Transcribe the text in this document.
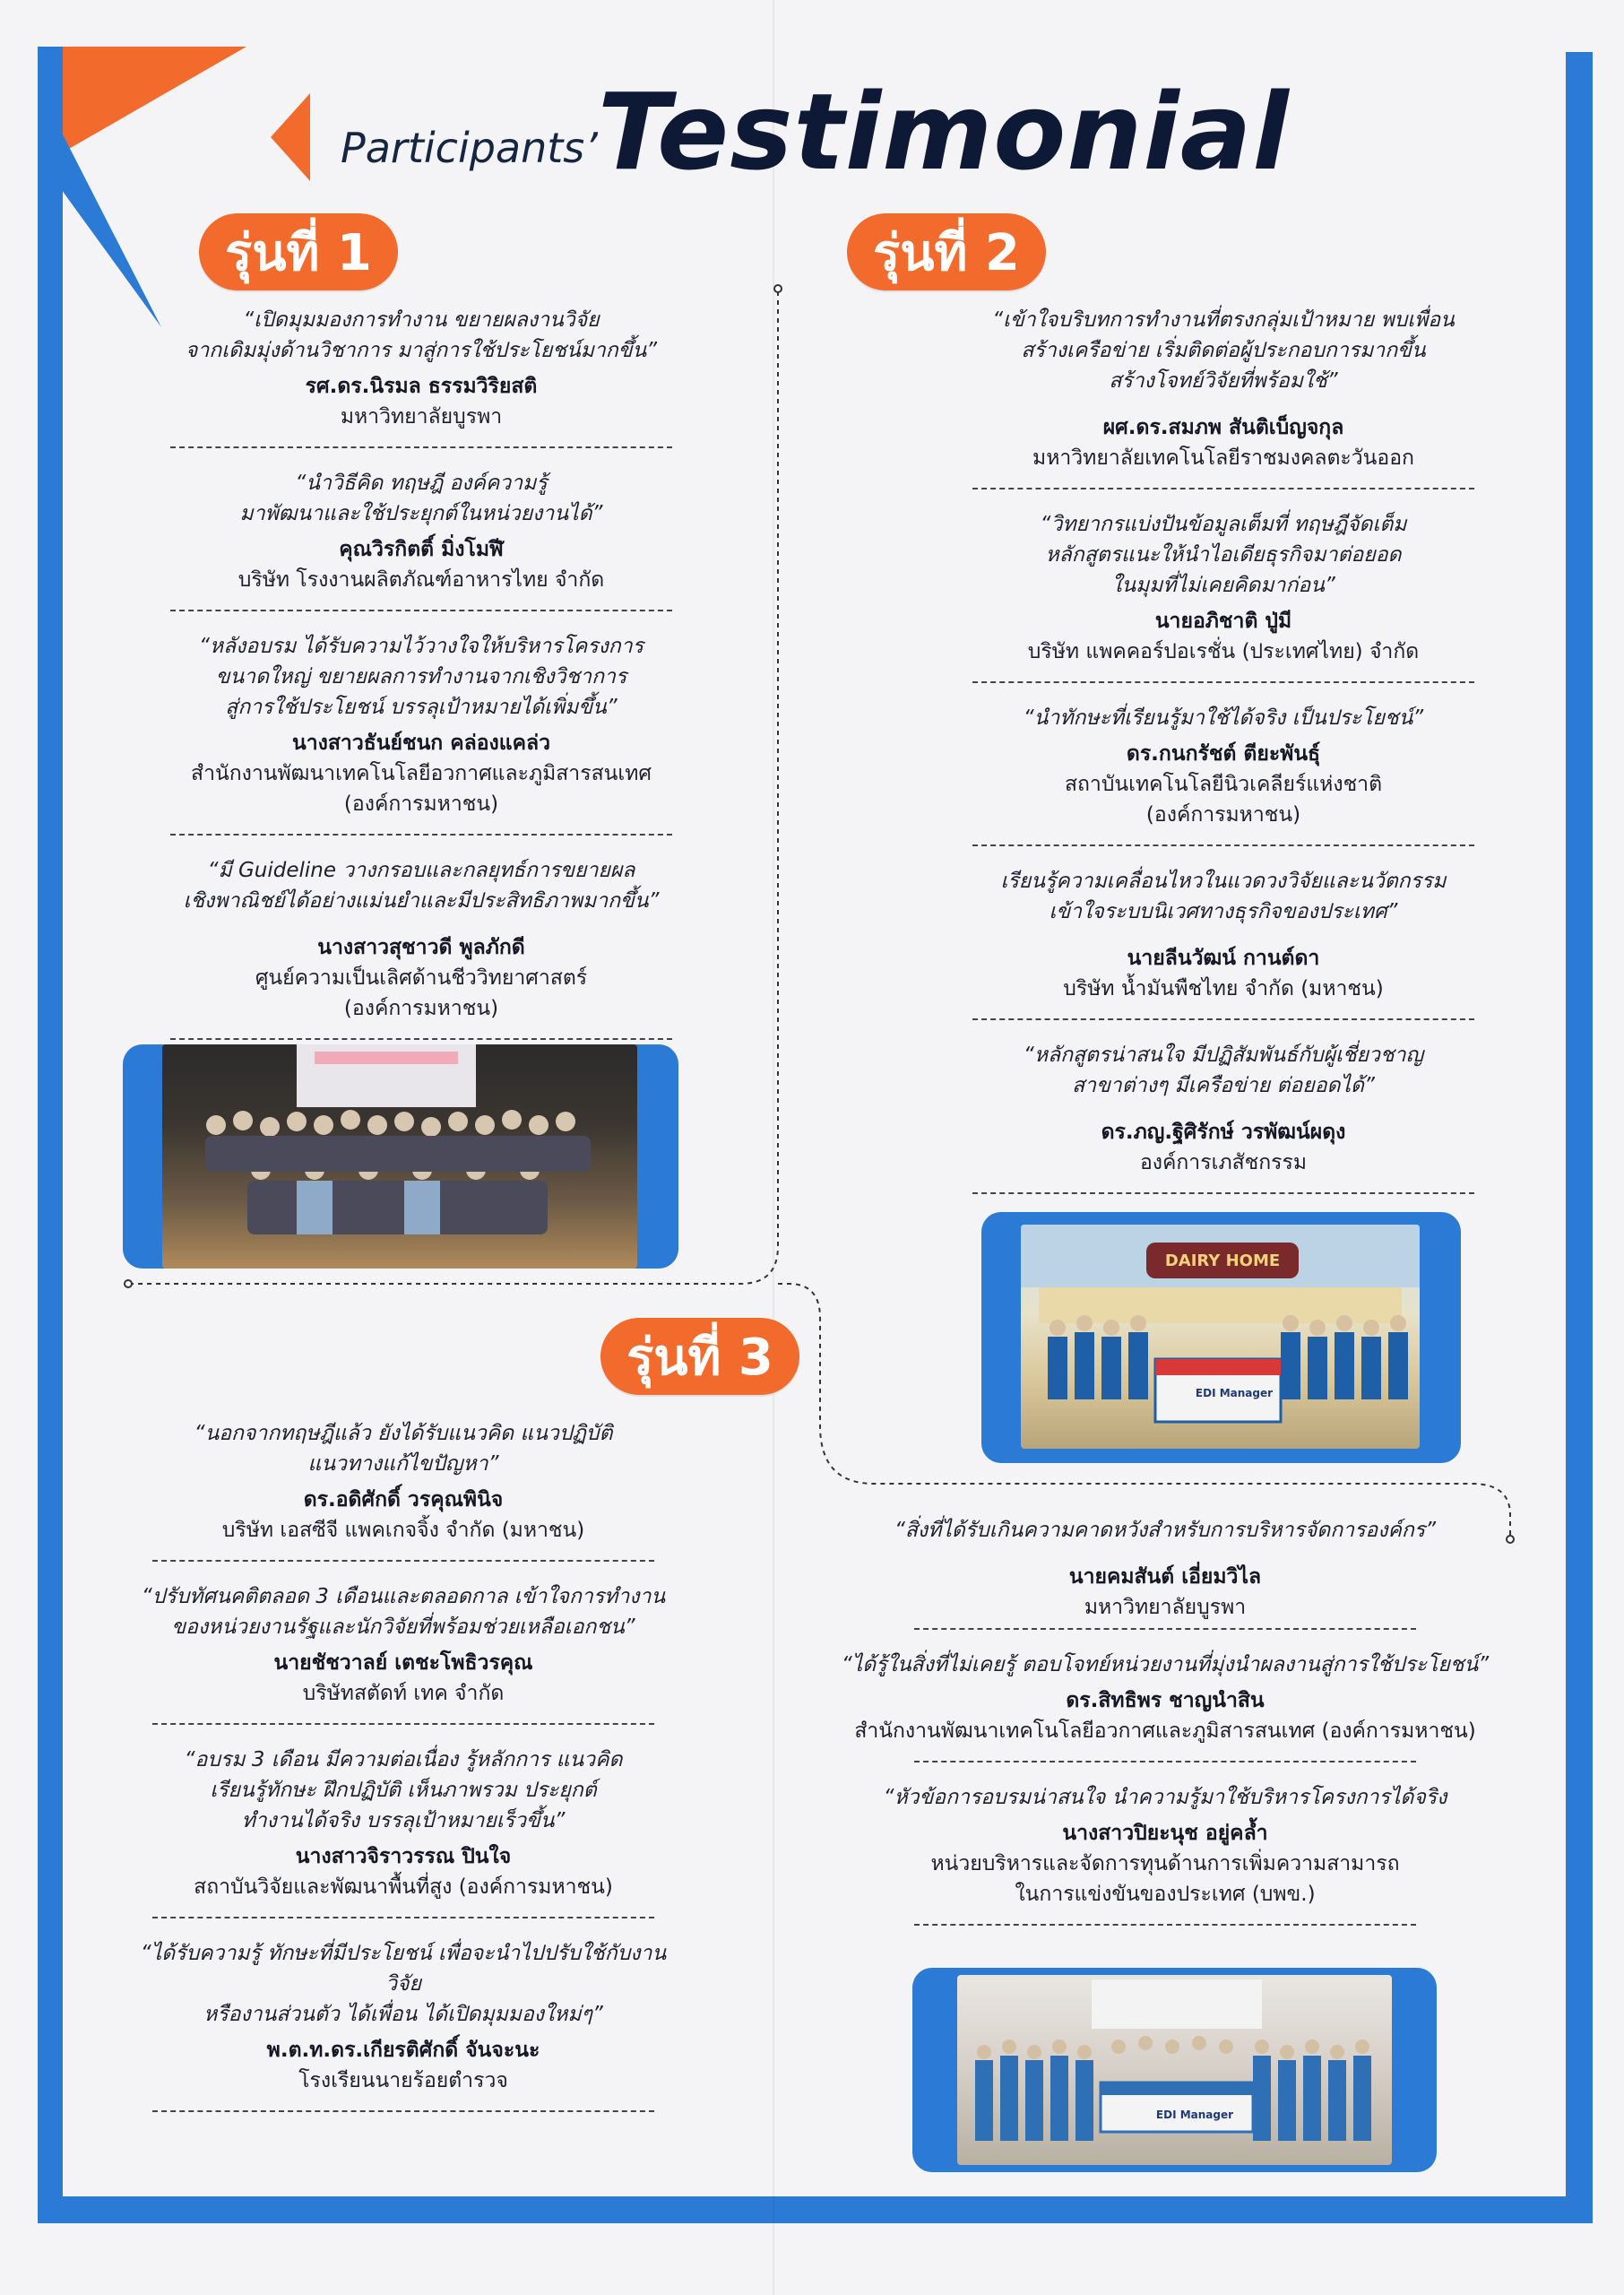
Participants’ Testimonial
รุ่นที่ 1	รุ่นที่ 2
รุ่นที่ 3
“เปิดมุมมองการทำงาน ขยายผลงานวิจัย
จากเดิมมุ่งด้านวิชาการ มาสู่การใช้ประโยชน์มากขึ้น”
รศ.ดร.นิรมล ธรรมวิริยสติ
มหาวิทยาลัยบูรพา
“นำวิธีคิด ทฤษฎี องค์ความรู้
มาพัฒนาและใช้ประยุกต์ในหน่วยงานได้”
คุณวิรกิตติ์ มิ่งโมฬี
บริษัท โรงงานผลิตภัณฑ์อาหารไทย จำกัด
“หลังอบรม ได้รับความไว้วางใจให้บริหารโครงการ
ขนาดใหญ่ ขยายผลการทำงานจากเชิงวิชาการ
สู่การใช้ประโยชน์ บรรลุเป้าหมายได้เพิ่มขึ้น”
นางสาวธันย์ชนก คล่องแคล่ว
สำนักงานพัฒนาเทคโนโลยีอวกาศและภูมิสารสนเทศ
(องค์การมหาชน)
“มี Guideline วางกรอบและกลยุทธ์การขยายผล
เชิงพาณิชย์ได้อย่างแม่นยำและมีประสิทธิภาพมากขึ้น”
นางสาวสุชาวดี พูลภักดี
ศูนย์ความเป็นเลิศด้านชีววิทยาศาสตร์
(องค์การมหาชน)
“เข้าใจบริบทการทำงานที่ตรงกลุ่มเป้าหมาย พบเพื่อน
สร้างเครือข่าย เริ่มติดต่อผู้ประกอบการมากขึ้น
สร้างโจทย์วิจัยที่พร้อมใช้”
ผศ.ดร.สมภพ สันติเบ็ญจกุล
มหาวิทยาลัยเทคโนโลยีราชมงคลตะวันออก
“วิทยากรแบ่งปันข้อมูลเต็มที่ ทฤษฎีจัดเต็ม
หลักสูตรแนะให้นำไอเดียธุรกิจมาต่อยอด
ในมุมที่ไม่เคยคิดมาก่อน”
นายอภิชาติ ปู่มี
บริษัท แพคคอร์ปอเรชั่น (ประเทศไทย) จำกัด
“นำทักษะที่เรียนรู้มาใช้ได้จริง เป็นประโยชน์”
ดร.กนกรัชต์ ตียะพันธุ์
สถาบันเทคโนโลยีนิวเคลียร์แห่งชาติ
(องค์การมหาชน)
เรียนรู้ความเคลื่อนไหวในแวดวงวิจัยและนวัตกรรม
เข้าใจระบบนิเวศทางธุรกิจของประเทศ”
นายลีนวัฒน์ กานต์ดา
บริษัท น้ำมันพืชไทย จำกัด (มหาชน)
“หลักสูตรน่าสนใจ มีปฏิสัมพันธ์กับผู้เชี่ยวชาญ
สาขาต่างๆ มีเครือข่าย ต่อยอดได้”
ดร.ภญ.ฐิศิรักษ์ วรพัฒน์ผดุง
องค์การเภสัชกรรม
DAIRY HOME
EDI Manager
“นอกจากทฤษฎีแล้ว ยังได้รับแนวคิด แนวปฏิบัติ
แนวทางแก้ไขปัญหา”
ดร.อดิศักดิ์ วรคุณพินิจ
บริษัท เอสซีจี แพคเกจจิ้ง จำกัด (มหาชน)
“ปรับทัศนคติตลอด 3 เดือนและตลอดกาล เข้าใจการทำงาน
ของหน่วยงานรัฐและนักวิจัยที่พร้อมช่วยเหลือเอกชน”
นายชัชวาลย์ เตชะโพธิวรคุณ
บริษัทสตัดท์ เทค จำกัด
“อบรม 3 เดือน มีความต่อเนื่อง รู้หลักการ แนวคิด
เรียนรู้ทักษะ ฝึกปฏิบัติ เห็นภาพรวม ประยุกต์
ทำงานได้จริง บรรลุเป้าหมายเร็วขึ้น”
นางสาวจิราวรรณ ปินใจ
สถาบันวิจัยและพัฒนาพื้นที่สูง (องค์การมหาชน)
“ได้รับความรู้ ทักษะที่มีประโยชน์ เพื่อจะนำไปปรับใช้กับงานวิจัย
หรืองานส่วนตัว ได้เพื่อน ได้เปิดมุมมองใหม่ๆ”
พ.ต.ท.ดร.เกียรติศักดิ์ จันจะนะ
โรงเรียนนายร้อยตำรวจ
“สิ่งที่ได้รับเกินความคาดหวังสำหรับการบริหารจัดการองค์กร”
นายคมสันต์ เอี่ยมวิไล
มหาวิทยาลัยบูรพา
“ได้รู้ในสิ่งที่ไม่เคยรู้ ตอบโจทย์หน่วยงานที่มุ่งนำผลงานสู่การใช้ประโยชน์”
ดร.สิทธิพร ชาญนำสิน
สำนักงานพัฒนาเทคโนโลยีอวกาศและภูมิสารสนเทศ (องค์การมหาชน)
“หัวข้อการอบรมน่าสนใจ นำความรู้มาใช้บริหารโครงการได้จริง
นางสาวปิยะนุช อยู่คล้ำ
หน่วยบริหารและจัดการทุนด้านการเพิ่มความสามารถ
ในการแข่งขันของประเทศ (บพข.)
EDI Manager
